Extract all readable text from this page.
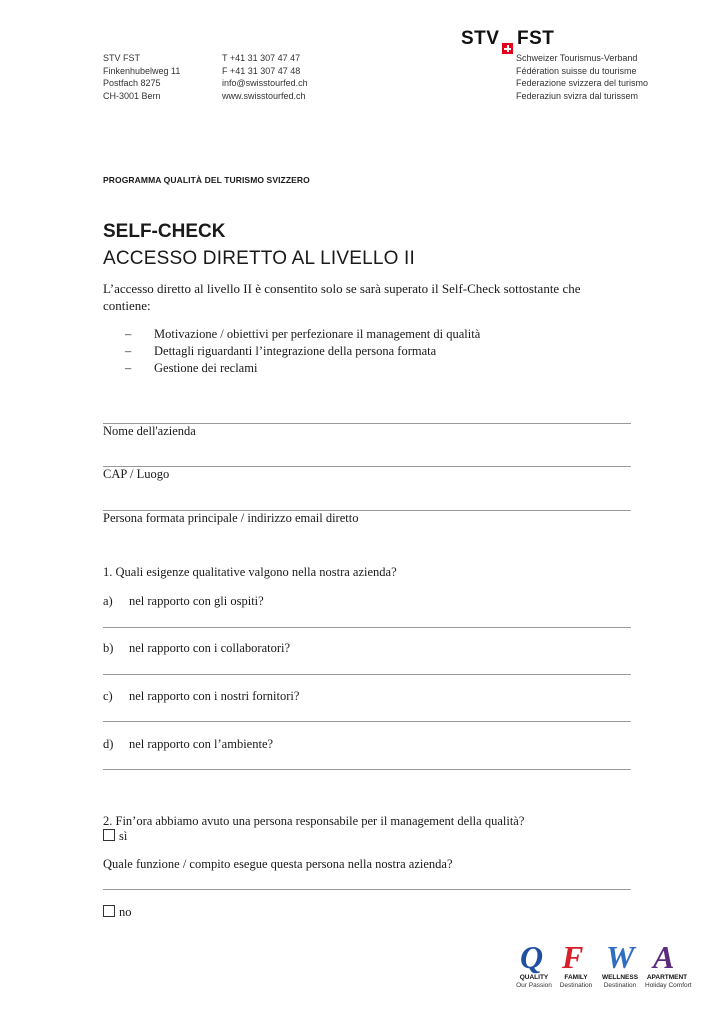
STV FST
Finkenhubelweg 11
Postfach 8275
CH-3001 Bern
T +41 31 307 47 47
F +41 31 307 47 48
info@swisstourfed.ch
www.swisstourfed.ch
STV FST
Schweizer Tourismus-Verband
Fédération suisse du tourisme
Federazione svizzera del turismo
Federaziun svizra dal turissem
PROGRAMMA QUALITÀ DEL TURISMO SVIZZERO
SELF-CHECK
ACCESSO DIRETTO AL LIVELLO II
L’accesso diretto al livello II è consentito solo se sarà superato il Self-Check sottostante che contiene:
– Motivazione / obiettivi per perfezionare il management di qualità
– Dettagli riguardanti l’integrazione della persona formata
– Gestione dei reclami
Nome dell'azienda
CAP / Luogo
Persona formata principale / indirizzo email diretto
1. Quali esigenze qualitative valgono nella nostra azienda?
a) nel rapporto con gli ospiti?
b) nel rapporto con i collaboratori?
c) nel rapporto con i nostri fornitori?
d) nel rapporto con l’ambiente?
2. Fin’ora abbiamo avuto una persona responsabile per il management della qualità?
sì
Quale funzione / compito esegue questa persona nella nostra azienda?
no
Q
QUALITY
Our Passion
F
FAMILY
Destination
W
WELLNESS
Destination
A
APARTMENT
Holiday Comfort
